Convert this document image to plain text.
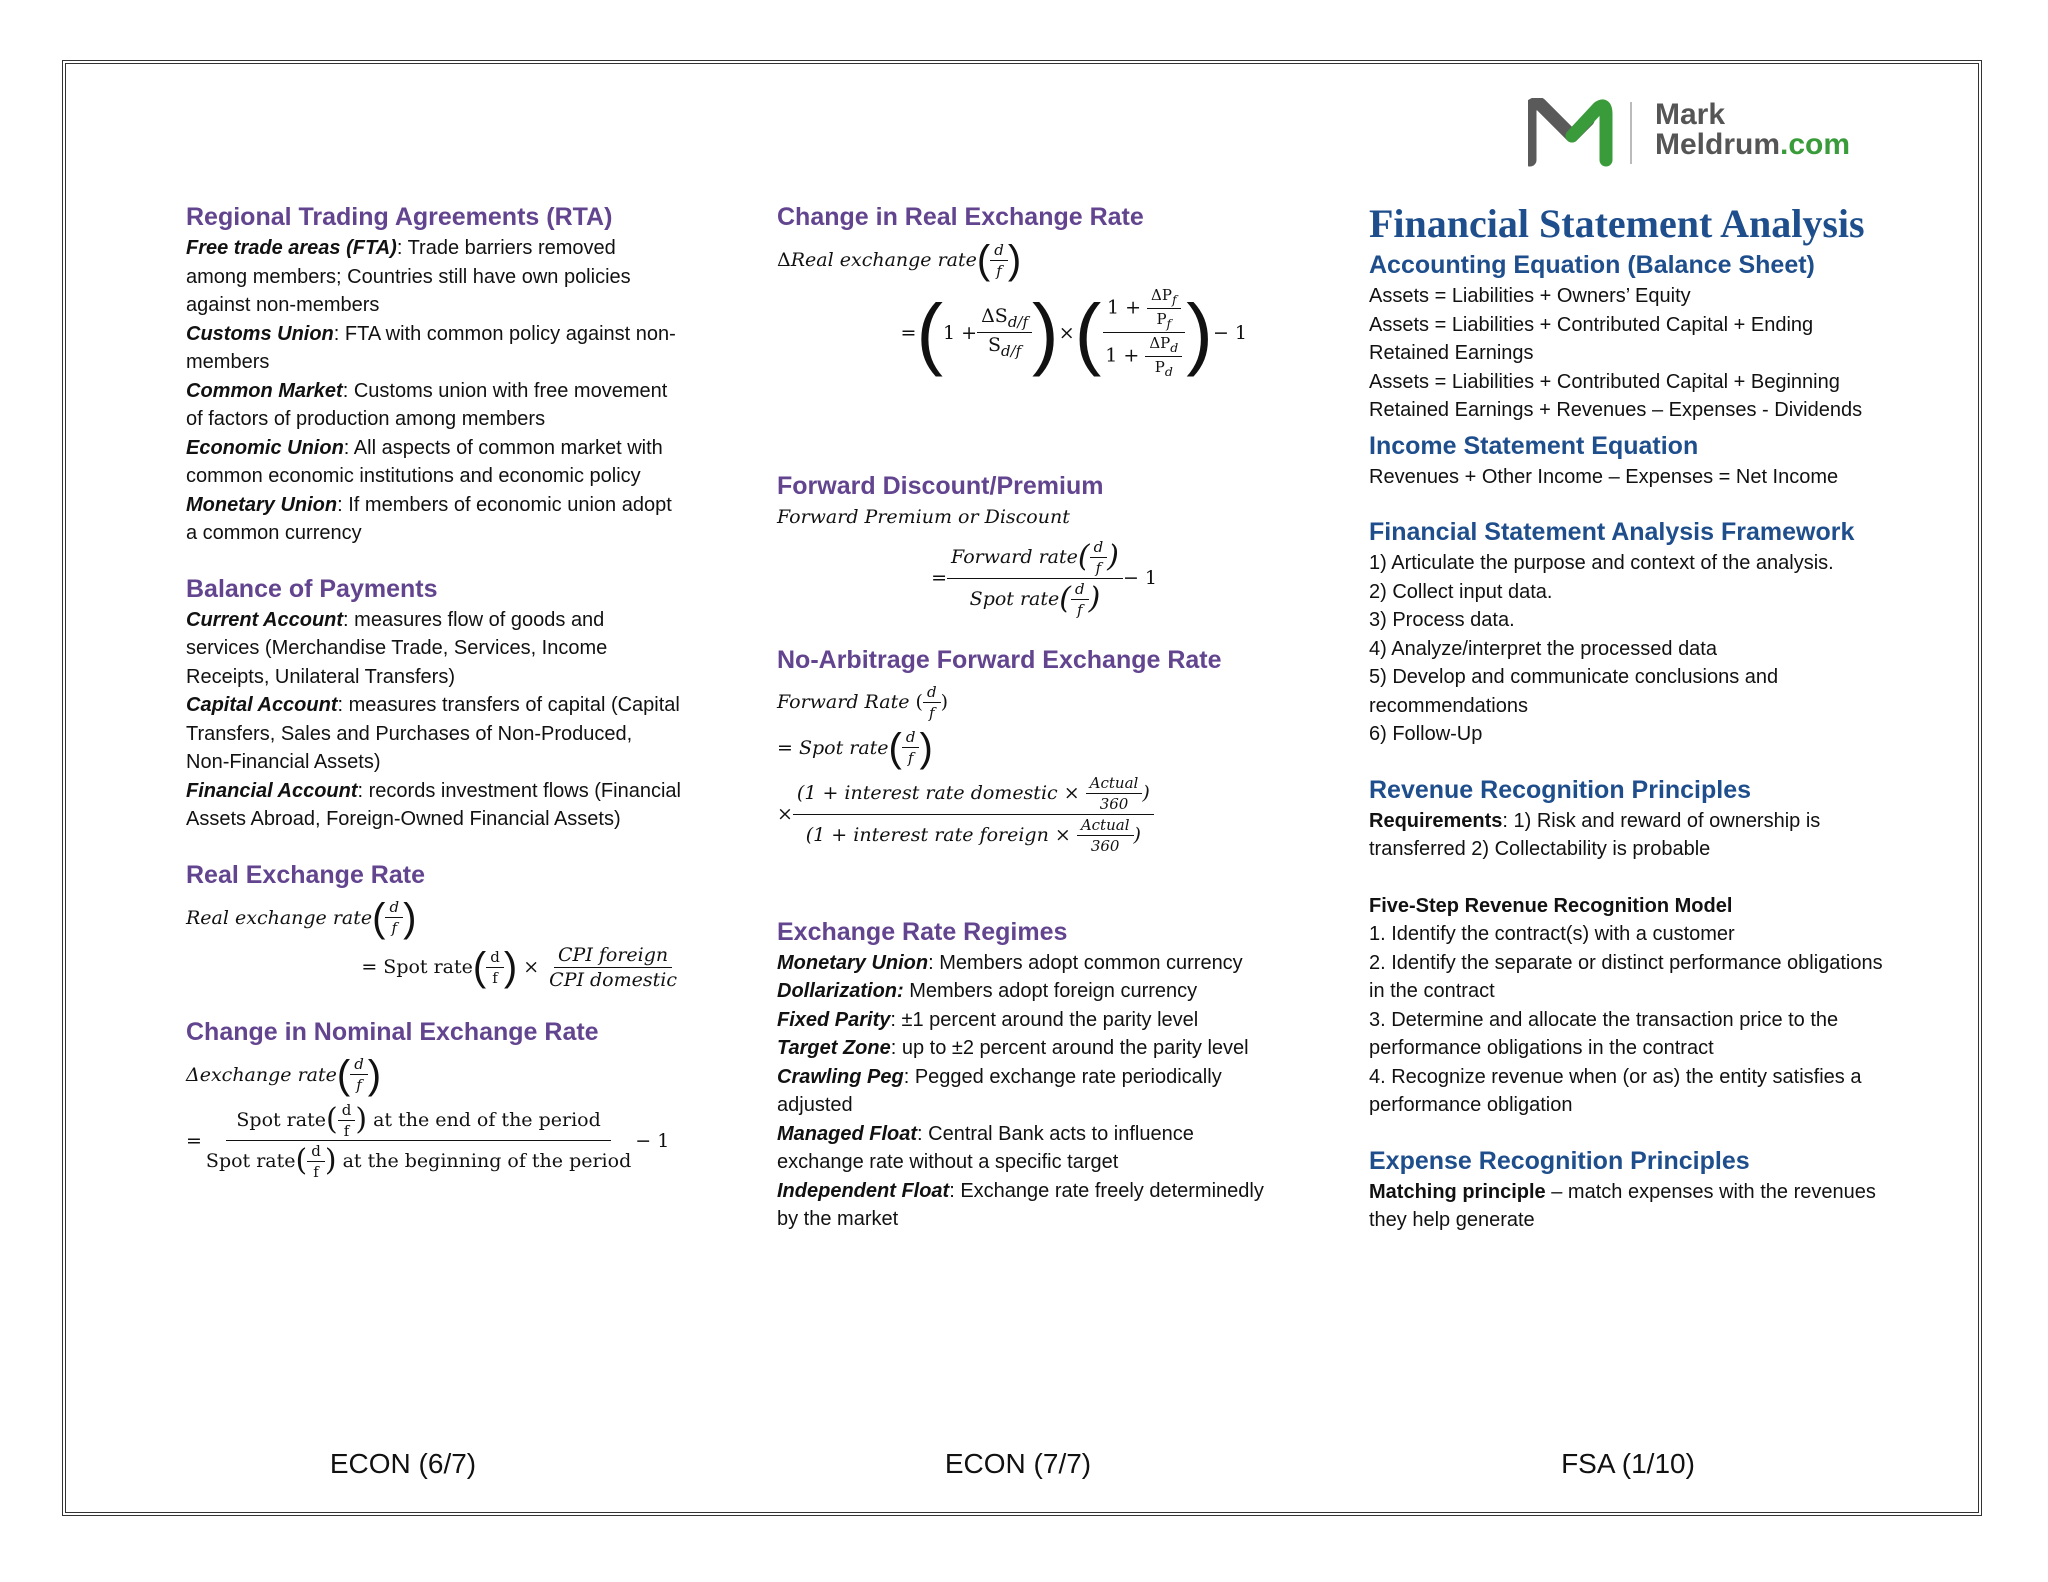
Mark
Meldrum.com
Regional Trading Agreements (RTA)

Free trade areas (FTA): Trade barriers removed among members; Countries still have own policies against non-members

Customs Union: FTA with common policy against non-members

Common Market: Customs union with free movement of factors of production among members

Economic Union: All aspects of common market with common economic institutions and economic policy

Monetary Union: If members of economic union adopt a common currency

Balance of Payments

Current Account: measures flow of goods and services (Merchandise Trade, Services, Income Receipts, Unilateral Transfers)

Capital Account: measures transfers of capital (Capital Transfers, Sales and Purchases of Non-Produced, Non-Financial Assets)

Financial Account: records investment flows (Financial Assets Abroad, Foreign-Owned Financial Assets)

Real Exchange Rate
Real exchange rate ( $\frac{d}{f}$ )
= Spot rate ( $\frac{d}{f}$ ) × $\frac{\text{CPI foreign}}{\text{CPI domestic}}$
Change in Nominal Exchange Rate
Δexchange rate ( $\frac{d}{f}$ )
= Spot rate ( $\frac{d}{f}$ )
at the end of the period
Spot rate ( $\frac{d}{f}$ )
at the beginning of the period − 1
Change in Real Exchange Rate
Δ Real exchange rate ( $\frac{d}{f}$ )
= ( $1 + \frac{\Delta S_{d/f}}{S_{d/f}}$ ) × ( $\frac{1 + \frac{\Delta P_f}{P_f}}{1 + \frac{\Delta P_d}{P_d}}$ ) − 1
Forward Discount/Premium

Forward Premium or Discount

= $\frac{Forward rate ( \frac{d}{f} )}{Spot rate ( \frac{d}{f} )} - 1$
No-Arbitrage Forward Exchange Rate
Forward Rate ( $\frac{d}{f}$ )
= Spot rate ( $\frac{d}{f}$ )
× (1 + interest rate domestic ×
$\frac{\text{Actual}}{360}$ )
(1 + interest rate foreign ×
$\frac{\text{Actual}}{360}$ )
Exchange Rate Regimes

Monetary Union: Members adopt common currency

Dollarization: Members adopt foreign currency

Fixed Parity: ±1 percent around the parity level

Target Zone: up to ±2 percent around the parity level

Crawling Peg: Pegged exchange rate periodically adjusted

Managed Float: Central Bank acts to influence exchange rate without a specific target

Independent Float: Exchange rate freely determinedly by the market

Financial Statement Analysis
Accounting Equation (Balance Sheet)

Assets = Liabilities + Owners’ Equity

Assets = Liabilities + Contributed Capital + Ending Retained Earnings

Assets = Liabilities + Contributed Capital + Beginning Retained Earnings + Revenues – Expenses - Dividends

Income Statement Equation

Revenues + Other Income – Expenses = Net Income

Financial Statement Analysis Framework

1) Articulate the purpose and context of the analysis.

2) Collect input data.

3) Process data.

4) Analyze/interpret the processed data

5) Develop and communicate conclusions and recommendations

6) Follow-Up

Revenue Recognition Principles

Requirements: 1) Risk and reward of ownership is transferred 2) Collectability is probable

Five-Step Revenue Recognition Model

1. Identify the contract(s) with a customer

2. Identify the separate or distinct performance obligations in the contract

3. Determine and allocate the transaction price to the performance obligations in the contract

4. Recognize revenue when (or as) the entity satisfies a performance obligation

Expense Recognition Principles

Matching principle – match expenses with the revenues they help generate

ECON (6/7)	ECON (7/7)	FSA (1/10)
